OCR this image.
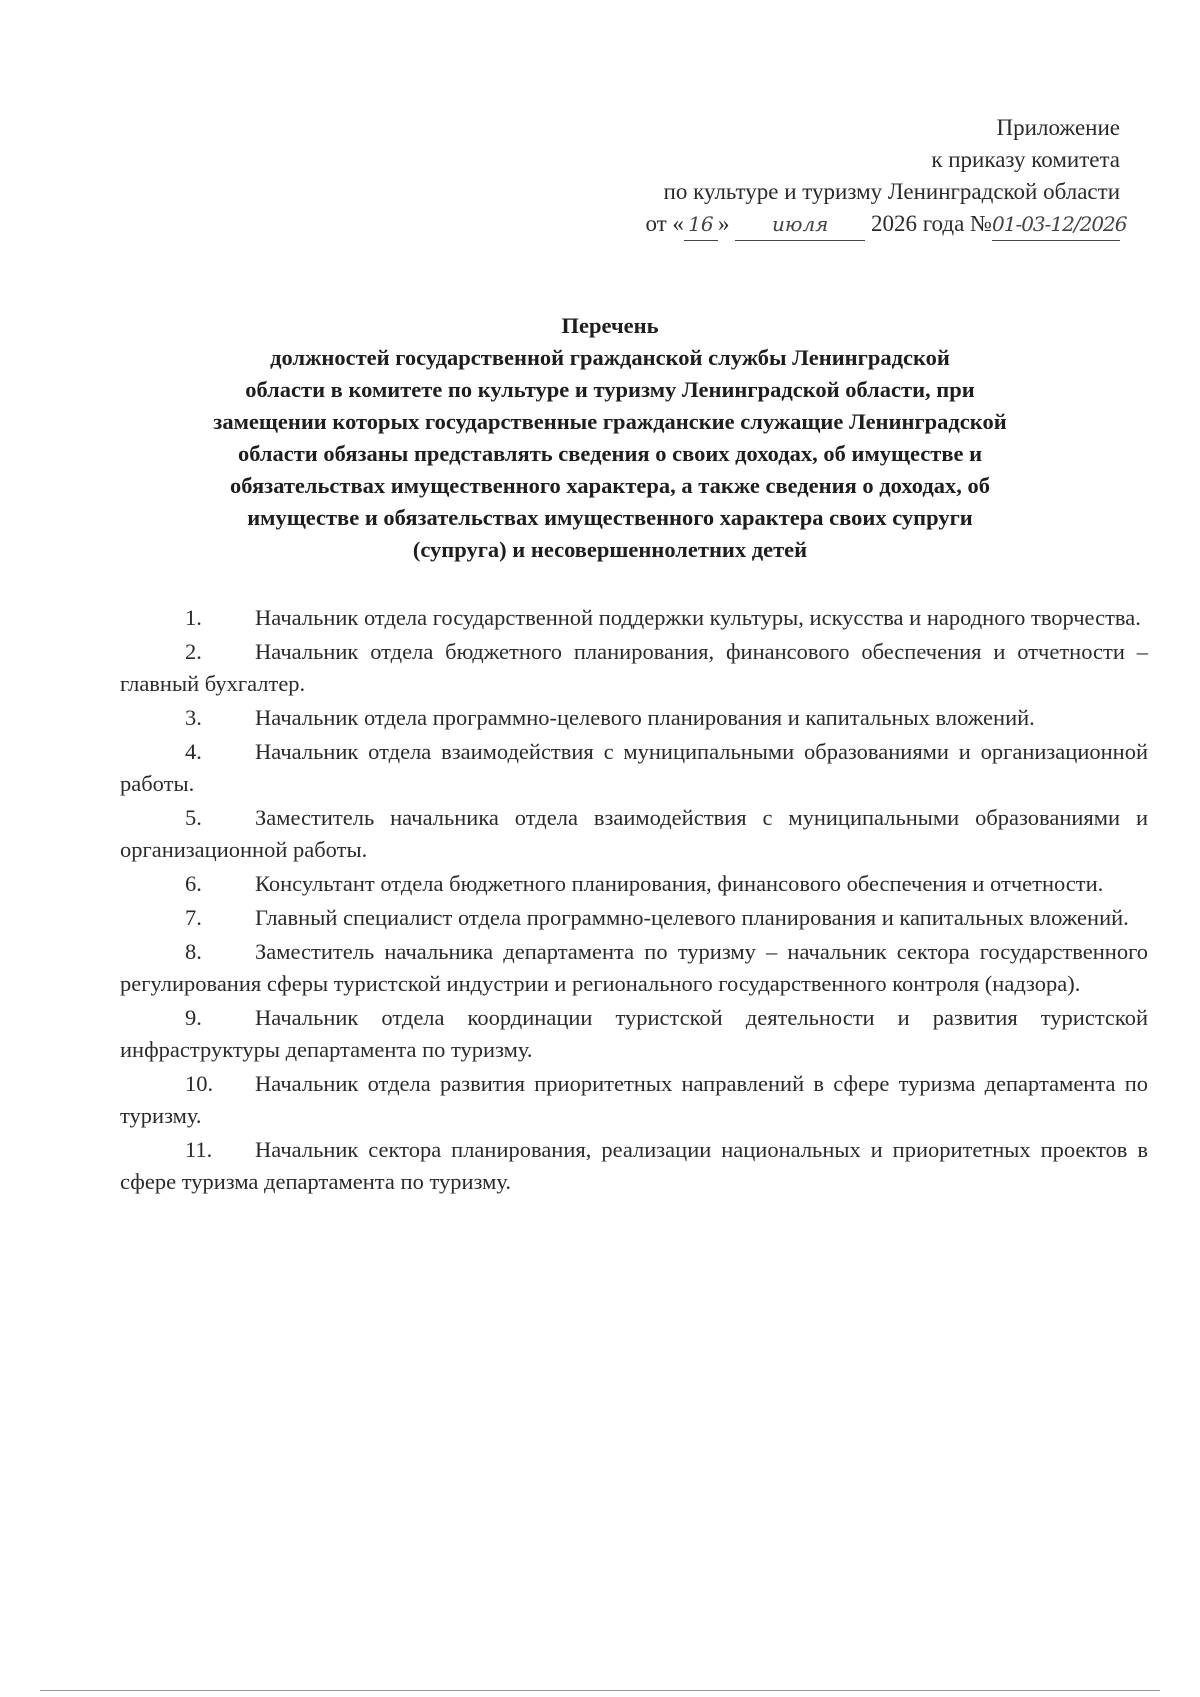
Приложение
к приказу комитета
по культуре и туризму Ленинградской области
от « 16 » июля 2026 года №01-03-12/2026
Перечень
должностей государственной гражданской службы Ленинградской
области в комитете по культуре и туризму Ленинградской области, при
замещении которых государственные гражданские служащие Ленинградской
области обязаны представлять сведения о своих доходах, об имуществе и
обязательствах имущественного характера, а также сведения о доходах, об
имуществе и обязательствах имущественного характера своих супруги
(супруга) и несовершеннолетних детей

1. Начальник отдела государственной поддержки культуры, искусства и народного творчества.

2. Начальник отдела бюджетного планирования, финансового обеспечения и отчетности – главный бухгалтер.

3. Начальник отдела программно-целевого планирования и капитальных вложений.

4. Начальник отдела взаимодействия с муниципальными образованиями и организационной работы.

5. Заместитель начальника отдела взаимодействия с муниципальными образованиями и организационной работы.

6. Консультант отдела бюджетного планирования, финансового обеспечения и отчетности.

7. Главный специалист отдела программно-целевого планирования и капитальных вложений.

8. Заместитель начальника департамента по туризму – начальник сектора государственного регулирования сферы туристской индустрии и регионального государственного контроля (надзора).

9. Начальник отдела координации туристской деятельности и развития туристской инфраструктуры департамента по туризму.

10. Начальник отдела развития приоритетных направлений в сфере туризма департамента по туризму.

11. Начальник сектора планирования, реализации национальных и приоритетных проектов в сфере туризма департамента по туризму.
